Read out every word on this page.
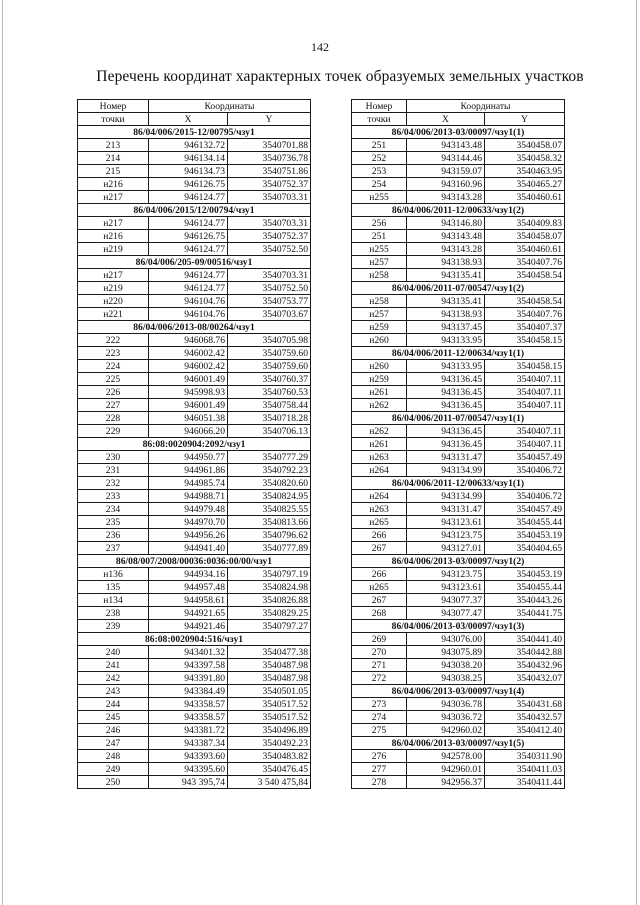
142
Перечень координат характерных точек образуемых земельных участков
Номер	Координаты	
точки	X	Y
86/04/006/2015-12/00795/чзу1		
213	946132.72	3540701.88
214	946134.14	3540736.78
215	946134.73	3540751.86
н216	946126.75	3540752.37
н217	946124.77	3540703.31
86/04/006/2015/12/00794/чзу1		
н217	946124.77	3540703.31
н216	946126.75	3540752.37
н219	946124.77	3540752.50
86/04/006/205-09/00516/чзу1		
н217	946124.77	3540703.31
н219	946124.77	3540752.50
н220	946104.76	3540753.77
н221	946104.76	3540703.67
86/04/006/2013-08/00264/чзу1		
222	946068.76	3540705.98
223	946002.42	3540759.60
224	946002.42	3540759.60
225	946001.49	3540760.37
226	945998.93	3540760.53
227	946001.49	3540758.44
228	946051.38	3540718.28
229	946066.20	3540706.13
86:08:0020904:2092/чзу1		
230	944950.77	3540777.29
231	944961.86	3540792.23
232	944985.74	3540820.60
233	944988.71	3540824.95
234	944979.48	3540825.55
235	944970.70	3540813.66
236	944956.26	3540796.62
237	944941.40	3540777.89
86/08/007/2008/00036:0036:00/00/чзу1		
н136	944934.16	3540797.19
135	944957.48	3540824.98
н134	944958.61	3540826.88
238	944921.65	3540829.25
239	944921.46	3540797.27
86:08:0020904:516/чзу1		
240	943401.32	3540477.38
241	943397.58	3540487.98
242	943391.80	3540487.98
243	943384.49	3540501.05
244	943358.57	3540517.52
245	943358.57	3540517.52
246	943381.72	3540496.89
247	943387.34	3540492.23
248	943393.60	3540483.82
249	943395.60	3540476.45
250	943 395,74	3 540 475,84
Номер	Координаты	
точки	X	Y
86/04/006/2013-03/00097/чзу1(1)		
251	943143.48	3540458.07
252	943144.46	3540458.32
253	943159.07	3540463.95
254	943160.96	3540465.27
н255	943143.28	3540460.61
86/04/006/2011-12/00633/чзу1(2)		
256	943146.80	3540409.83
251	943143.48	3540458.07
н255	943143.28	3540460.61
н257	943138.93	3540407.76
н258	943135.41	3540458.54
86/04/006/2011-07/00547/чзу1(2)		
н258	943135.41	3540458.54
н257	943138.93	3540407.76
н259	943137.45	3540407.37
н260	943133.95	3540458.15
86/04/006/2011-12/00634/чзу1(1)		
н260	943133.95	3540458.15
н259	943136.45	3540407.11
н261	943136.45	3540407.11
н262	943136.45	3540407.11
86/04/006/2011-07/00547/чзу1(1)		
н262	943136.45	3540407.11
н261	943136.45	3540407.11
н263	943131.47	3540457.49
н264	943134.99	3540406.72
86/04/006/2011-12/00633/чзу1(1)		
н264	943134.99	3540406.72
н263	943131.47	3540457.49
н265	943123.61	3540455.44
266	943123.75	3540453.19
267	943127.01	3540404.65
86/04/006/2013-03/00097/чзу1(2)		
266	943123.75	3540453.19
н265	943123.61	3540455.44
267	943077.37	3540443.26
268	943077.47	3540441.75
86/04/006/2013-03/00097/чзу1(3)		
269	943076.00	3540441.40
270	943075.89	3540442.88
271	943038.20	3540432.96
272	943038.25	3540432.07
86/04/006/2013-03/00097/чзу1(4)		
273	943036.78	3540431.68
274	943036.72	3540432.57
275	942960.02	3540412.40
86/04/006/2013-03/00097/чзу1(5)		
276	942578.00	3540311.90
277	942960.01	3540411.03
278	942956.37	3540411.44
